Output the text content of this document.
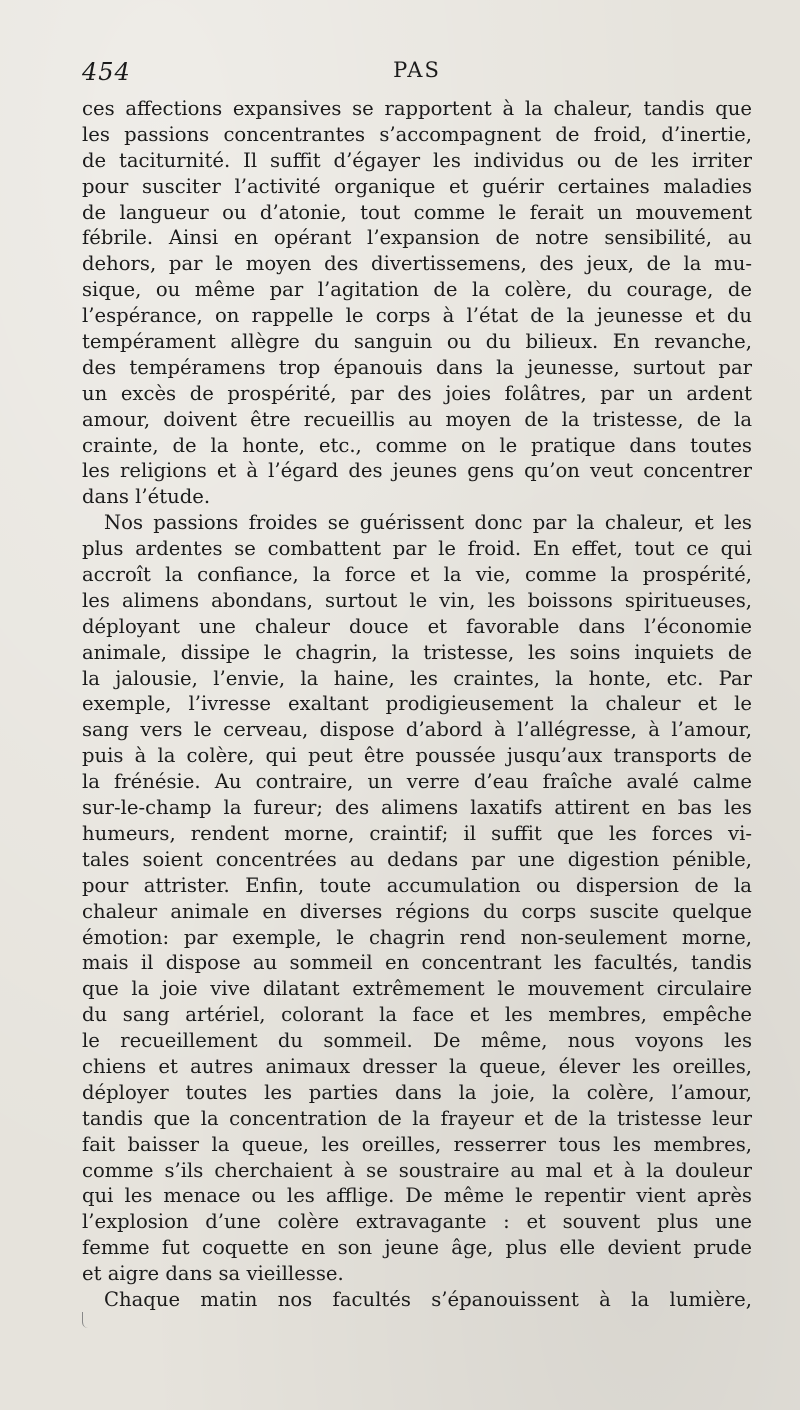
454	PAS
ces affections expansives se rapportent à la chaleur, tandis que
les passions concentrantes s’accompagnent de froid, d’inertie,
de taciturnité. Il suffit d’égayer les individus ou de les irriter
pour susciter l’activité organique et guérir certaines maladies
de langueur ou d’atonie, tout comme le ferait un mouvement
fébrile. Ainsi en opérant l’expansion de notre sensibilité, au
dehors, par le moyen des divertissemens, des jeux, de la mu-
sique, ou même par l’agitation de la colère, du courage, de
l’espérance, on rappelle le corps à l’état de la jeunesse et du
tempérament allègre du sanguin ou du bilieux. En revanche,
des tempéramens trop épanouis dans la jeunesse, surtout par
un excès de prospérité, par des joies folâtres, par un ardent
amour, doivent être recueillis au moyen de la tristesse, de la
crainte, de la honte, etc., comme on le pratique dans toutes
les religions et à l’égard des jeunes gens qu’on veut concentrer
dans l’étude.
Nos passions froides se guérissent donc par la chaleur, et les
plus ardentes se combattent par le froid. En effet, tout ce qui
accroît la confiance, la force et la vie, comme la prospérité,
les alimens abondans, surtout le vin, les boissons spiritueuses,
déployant une chaleur douce et favorable dans l’économie
animale, dissipe le chagrin, la tristesse, les soins inquiets de
la jalousie, l’envie, la haine, les craintes, la honte, etc. Par
exemple, l’ivresse exaltant prodigieusement la chaleur et le
sang vers le cerveau, dispose d’abord à l’allégresse, à l’amour,
puis à la colère, qui peut être poussée jusqu’aux transports de
la frénésie. Au contraire, un verre d’eau fraîche avalé calme
sur-le-champ la fureur; des alimens laxatifs attirent en bas les
humeurs, rendent morne, craintif; il suffit que les forces vi-
tales soient concentrées au dedans par une digestion pénible,
pour attrister. Enfin, toute accumulation ou dispersion de la
chaleur animale en diverses régions du corps suscite quelque
émotion: par exemple, le chagrin rend non-seulement morne,
mais il dispose au sommeil en concentrant les facultés, tandis
que la joie vive dilatant extrêmement le mouvement circulaire
du sang artériel, colorant la face et les membres, empêche
le recueillement du sommeil. De même, nous voyons les
chiens et autres animaux dresser la queue, élever les oreilles,
déployer toutes les parties dans la joie, la colère, l’amour,
tandis que la concentration de la frayeur et de la tristesse leur
fait baisser la queue, les oreilles, resserrer tous les membres,
comme s’ils cherchaient à se soustraire au mal et à la douleur
qui les menace ou les afflige. De même le repentir vient après
l’explosion d’une colère extravagante : et souvent plus une
femme fut coquette en son jeune âge, plus elle devient prude
et aigre dans sa vieillesse.
Chaque matin nos facultés s’épanouissent à la lumière,
